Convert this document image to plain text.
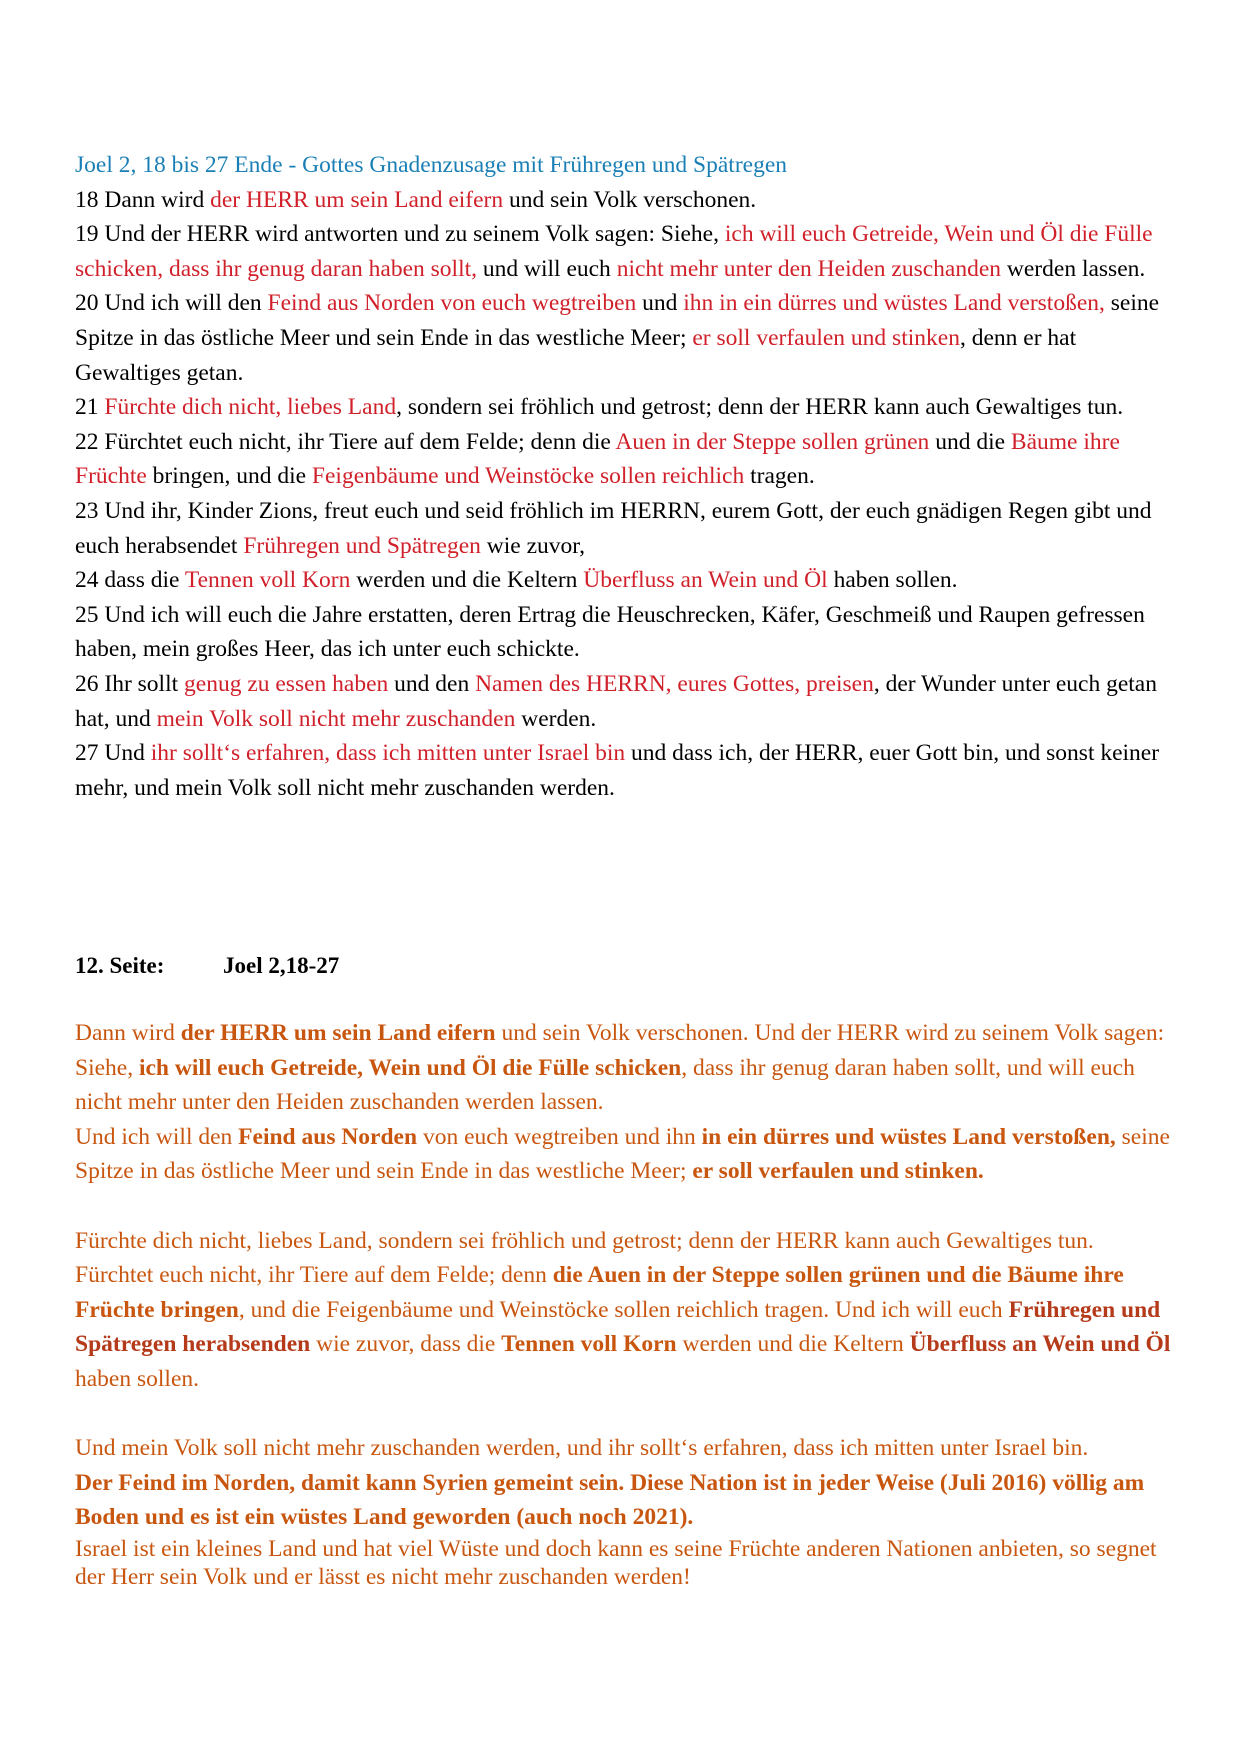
Joel 2, 18 bis 27 Ende - Gottes Gnadenzusage mit Frühregen und Spätregen

18 Dann wird der HERR um sein Land eifern und sein Volk verschonen.

19 Und der HERR wird antworten und zu seinem Volk sagen: Siehe, ich will euch Getreide, Wein und Öl die Fülle schicken, dass ihr genug daran haben sollt, und will euch nicht mehr unter den Heiden zuschanden werden lassen.

20 Und ich will den Feind aus Norden von euch wegtreiben und ihn in ein dürres und wüstes Land verstoßen, seine Spitze in das östliche Meer und sein Ende in das westliche Meer; er soll verfaulen und stinken, denn er hat Gewaltiges getan.

21 Fürchte dich nicht, liebes Land, sondern sei fröhlich und getrost; denn der HERR kann auch Gewaltiges tun.

22 Fürchtet euch nicht, ihr Tiere auf dem Felde; denn die Auen in der Steppe sollen grünen und die Bäume ihre Früchte bringen, und die Feigenbäume und Weinstöcke sollen reichlich tragen.

23 Und ihr, Kinder Zions, freut euch und seid fröhlich im HERRN, eurem Gott, der euch gnädigen Regen gibt und euch herabsendet Frühregen und Spätregen wie zuvor,

24 dass die Tennen voll Korn werden und die Keltern Überfluss an Wein und Öl haben sollen.

25 Und ich will euch die Jahre erstatten, deren Ertrag die Heuschrecken, Käfer, Geschmeiß und Raupen gefressen haben, mein großes Heer, das ich unter euch schickte.

26 Ihr sollt genug zu essen haben und den Namen des HERRN, eures Gottes, preisen, der Wunder unter euch getan hat, und mein Volk soll nicht mehr zuschanden werden.

27 Und ihr sollt‘s erfahren, dass ich mitten unter Israel bin und dass ich, der HERR, euer Gott bin, und sonst keiner mehr, und mein Volk soll nicht mehr zuschanden werden.

12. Seite:	Joel 2,18-27

Dann wird der HERR um sein Land eifern und sein Volk verschonen. Und der HERR wird zu seinem Volk sagen: Siehe, ich will euch Getreide, Wein und Öl die Fülle schicken, dass ihr genug daran haben sollt, und will euch nicht mehr unter den Heiden zuschanden werden lassen.

Und ich will den Feind aus Norden von euch wegtreiben und ihn in ein dürres und wüstes Land verstoßen, seine Spitze in das östliche Meer und sein Ende in das westliche Meer; er soll verfaulen und stinken.

Fürchte dich nicht, liebes Land, sondern sei fröhlich und getrost; denn der HERR kann auch Gewaltiges tun. Fürchtet euch nicht, ihr Tiere auf dem Felde; denn die Auen in der Steppe sollen grünen und die Bäume ihre Früchte bringen, und die Feigenbäume und Weinstöcke sollen reichlich tragen. Und ich will euch Frühregen und Spätregen herabsenden wie zuvor, dass die Tennen voll Korn werden und die Keltern Überfluss an Wein und Öl haben sollen.

Und mein Volk soll nicht mehr zuschanden werden, und ihr sollt‘s erfahren, dass ich mitten unter Israel bin.

Der Feind im Norden, damit kann Syrien gemeint sein. Diese Nation ist in jeder Weise (Juli 2016) völlig am Boden und es ist ein wüstes Land geworden (auch noch 2021).

Israel ist ein kleines Land und hat viel Wüste und doch kann es seine Früchte anderen Nationen anbieten, so segnet der Herr sein Volk und er lässt es nicht mehr zuschanden werden!
